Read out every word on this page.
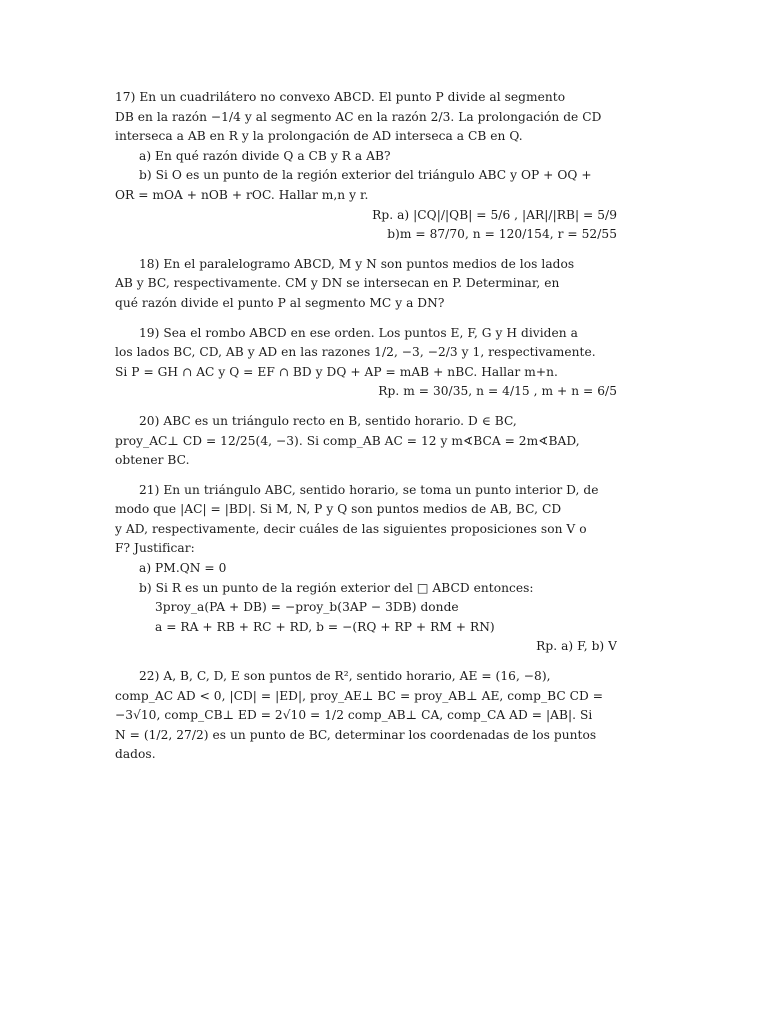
17) En un cuadrilátero no convexo ABCD. El punto P divide al segmento
DB en la razón −1/4 y al segmento AC en la razón 2/3. La prolongación de CD
interseca a AB en R y la prolongación de AD interseca a CB en Q.
a) En qué razón divide Q a CB y R a AB?
b) Si O es un punto de la región exterior del triángulo ABC y OP + OQ +
OR = mOA + nOB + rOC. Hallar m,n y r.
Rp. a) |CQ|/|QB| = 5/6 , |AR|/|RB| = 5/9
b)m = 87/70, n = 120/154, r = 52/55
18) En el paralelogramo ABCD, M y N son puntos medios de los lados
AB y BC, respectivamente. CM y DN se intersecan en P. Determinar, en
qué razón divide el punto P al segmento MC y a DN?
19) Sea el rombo ABCD en ese orden. Los puntos E, F, G y H dividen a
los lados BC, CD, AB y AD en las razones 1/2, −3, −2/3 y 1, respectivamente.
Si P = GH ∩ AC y Q = EF ∩ BD y DQ + AP = mAB + nBC. Hallar m+n.
Rp. m = 30/35, n = 4/15 , m + n = 6/5
20) ABC es un triángulo recto en B, sentido horario. D ∈ BC,
proy_AC⊥ CD = 12/25(4, −3). Si comp_AB AC = 12 y m∢BCA = 2m∢BAD,
obtener BC.
21) En un triángulo ABC, sentido horario, se toma un punto interior D, de
modo que |AC| = |BD|. Si M, N, P y Q son puntos medios de AB, BC, CD
y AD, respectivamente, decir cuáles de las siguientes proposiciones son V o
F? Justificar:
a) PM.QN = 0
b) Si R es un punto de la región exterior del □ ABCD entonces:
3proy_a(PA + DB) = −proy_b(3AP − 3DB) donde
a = RA + RB + RC + RD, b = −(RQ + RP + RM + RN)
Rp. a) F, b) V
22) A, B, C, D, E son puntos de R², sentido horario, AE = (16, −8),
comp_AC AD < 0, |CD| = |ED|, proy_AE⊥ BC = proy_AB⊥ AE, comp_BC CD =
−3√10, comp_CB⊥ ED = 2√10 = 1/2 comp_AB⊥ CA, comp_CA AD = |AB|. Si
N = (1/2, 27/2) es un punto de BC, determinar los coordenadas de los puntos
dados.
